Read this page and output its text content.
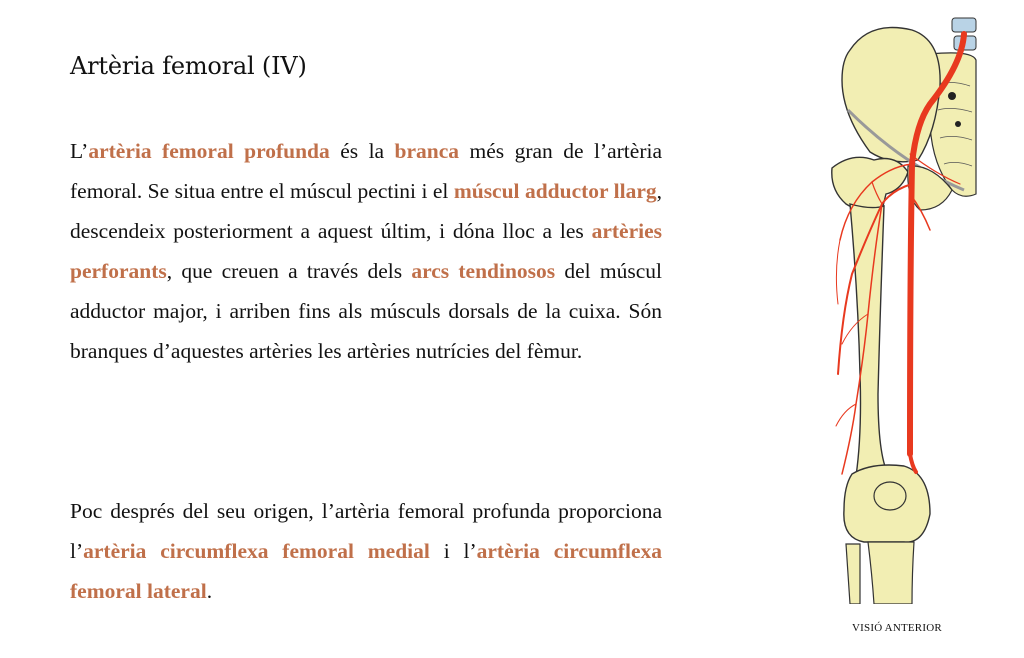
Artèria femoral (IV)

L’artèria femoral profunda és la branca més gran de l’artèria femoral. Se situa entre el múscul pectini i el múscul adductor llarg, descendeix posteriorment a aquest últim, i dóna lloc a les artèries perforants, que creuen a través dels arcs tendinosos del múscul adductor major, i arriben fins als músculs dorsals de la cuixa. Són branques d’aquestes artèries les artèries nutrícies del fèmur.

Poc després del seu origen, l’artèria femoral profunda proporciona l’artèria circumflexa femoral medial i l’artèria circumflexa femoral lateral.

VISIÓ ANTERIOR
